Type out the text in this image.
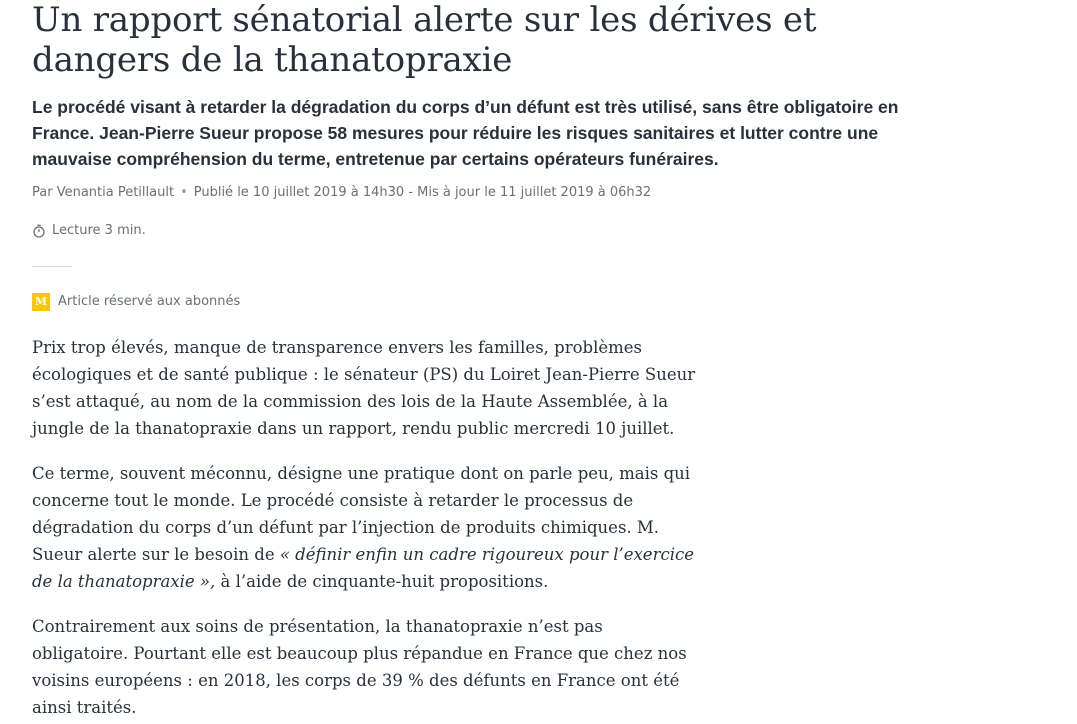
Un rapport sénatorial alerte sur les dérives et dangers de la thanatopraxie

Le procédé visant à retarder la dégradation du corps d’un défunt est très utilisé, sans être obligatoire en France. Jean-Pierre Sueur propose 58 mesures pour réduire les risques sanitaires et lutter contre une mauvaise compréhension du terme, entretenue par certains opérateurs funéraires.

Par Venantia Petillault • Publié le 10 juillet 2019 à 14h30 - Mis à jour le 11 juillet 2019 à 06h32
Lecture 3 min.
M Article réservé aux abonnés

Prix trop élevés, manque de transparence envers les familles, problèmes écologiques et de santé publique : le sénateur (PS) du Loiret Jean-Pierre Sueur s’est attaqué, au nom de la commission des lois de la Haute Assemblée, à la jungle de la thanatopraxie dans un rapport, rendu public mercredi 10 juillet.

Ce terme, souvent méconnu, désigne une pratique dont on parle peu, mais qui concerne tout le monde. Le procédé consiste à retarder le processus de dégradation du corps d’un défunt par l’injection de produits chimiques. M. Sueur alerte sur le besoin de « définir enfin un cadre rigoureux pour l’exercice de la thanatopraxie », à l’aide de cinquante-huit propositions.

Contrairement aux soins de présentation, la thanatopraxie n’est pas obligatoire. Pourtant elle est beaucoup plus répandue en France que chez nos voisins européens : en 2018, les corps de 39 % des défunts en France ont été ainsi traités.
